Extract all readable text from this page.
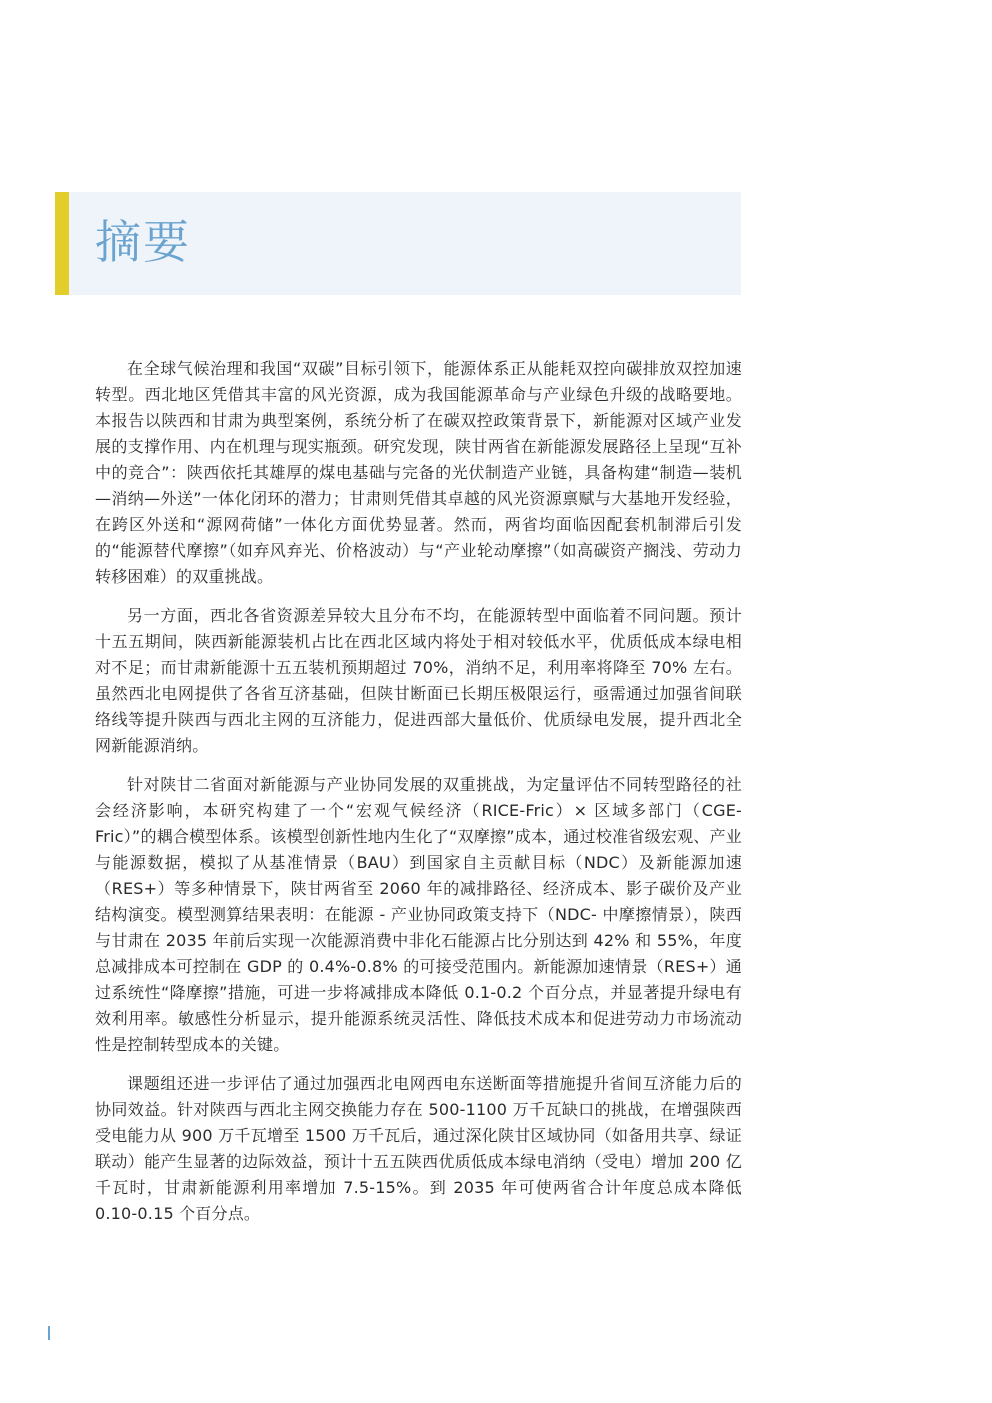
摘要

在全球气候治理和我国“双碳”目标引领下，能源体系正从能耗双控向碳排放双控加速转型。西北地区凭借其丰富的风光资源，成为我国能源革命与产业绿色升级的战略要地。本报告以陕西和甘肃为典型案例，系统分析了在碳双控政策背景下，新能源对区域产业发展的支撑作用、内在机理与现实瓶颈。研究发现，陕甘两省在新能源发展路径上呈现“互补中的竞合”：陕西依托其雄厚的煤电基础与完备的光伏制造产业链，具备构建“制造—装机—消纳—外送”一体化闭环的潜力；甘肃则凭借其卓越的风光资源禀赋与大基地开发经验，在跨区外送和“源网荷储”一体化方面优势显著。然而，两省均面临因配套机制滞后引发的“能源替代摩擦”（如弃风弃光、价格波动）与“产业轮动摩擦”（如高碳资产搁浅、劳动力转移困难）的双重挑战。

另一方面，西北各省资源差异较大且分布不均，在能源转型中面临着不同问题。预计十五五期间，陕西新能源装机占比在西北区域内将处于相对较低水平，优质低成本绿电相对不足；而甘肃新能源十五五装机预期超过 70%，消纳不足，利用率将降至 70% 左右。虽然西北电网提供了各省互济基础，但陕甘断面已长期压极限运行，亟需通过加强省间联络线等提升陕西与西北主网的互济能力，促进西部大量低价、优质绿电发展，提升西北全网新能源消纳。

针对陕甘二省面对新能源与产业协同发展的双重挑战，为定量评估不同转型路径的社会经济影响，本研究构建了一个“宏观气候经济（RICE-Fric）× 区域多部门（CGE-Fric）”的耦合模型体系。该模型创新性地内生化了“双摩擦”成本，通过校准省级宏观、产业与能源数据，模拟了从基准情景（BAU）到国家自主贡献目标（NDC）及新能源加速（RES+）等多种情景下，陕甘两省至 2060 年的减排路径、经济成本、影子碳价及产业结构演变。模型测算结果表明：在能源 - 产业协同政策支持下（NDC- 中摩擦情景），陕西与甘肃在 2035 年前后实现一次能源消费中非化石能源占比分别达到 42% 和 55%，年度总减排成本可控制在 GDP 的 0.4%-0.8% 的可接受范围内。新能源加速情景（RES+）通过系统性“降摩擦”措施，可进一步将减排成本降低 0.1-0.2 个百分点，并显著提升绿电有效利用率。敏感性分析显示，提升能源系统灵活性、降低技术成本和促进劳动力市场流动性是控制转型成本的关键。

课题组还进一步评估了通过加强西北电网西电东送断面等措施提升省间互济能力后的协同效益。针对陕西与西北主网交换能力存在 500-1100 万千瓦缺口的挑战，在增强陕西受电能力从 900 万千瓦增至 1500 万千瓦后，通过深化陕甘区域协同（如备用共享、绿证联动）能产生显著的边际效益，预计十五五陕西优质低成本绿电消纳（受电）增加 200 亿千瓦时，甘肃新能源利用率增加 7.5-15%。到 2035 年可使两省合计年度总成本降低 0.10-0.15 个百分点。
